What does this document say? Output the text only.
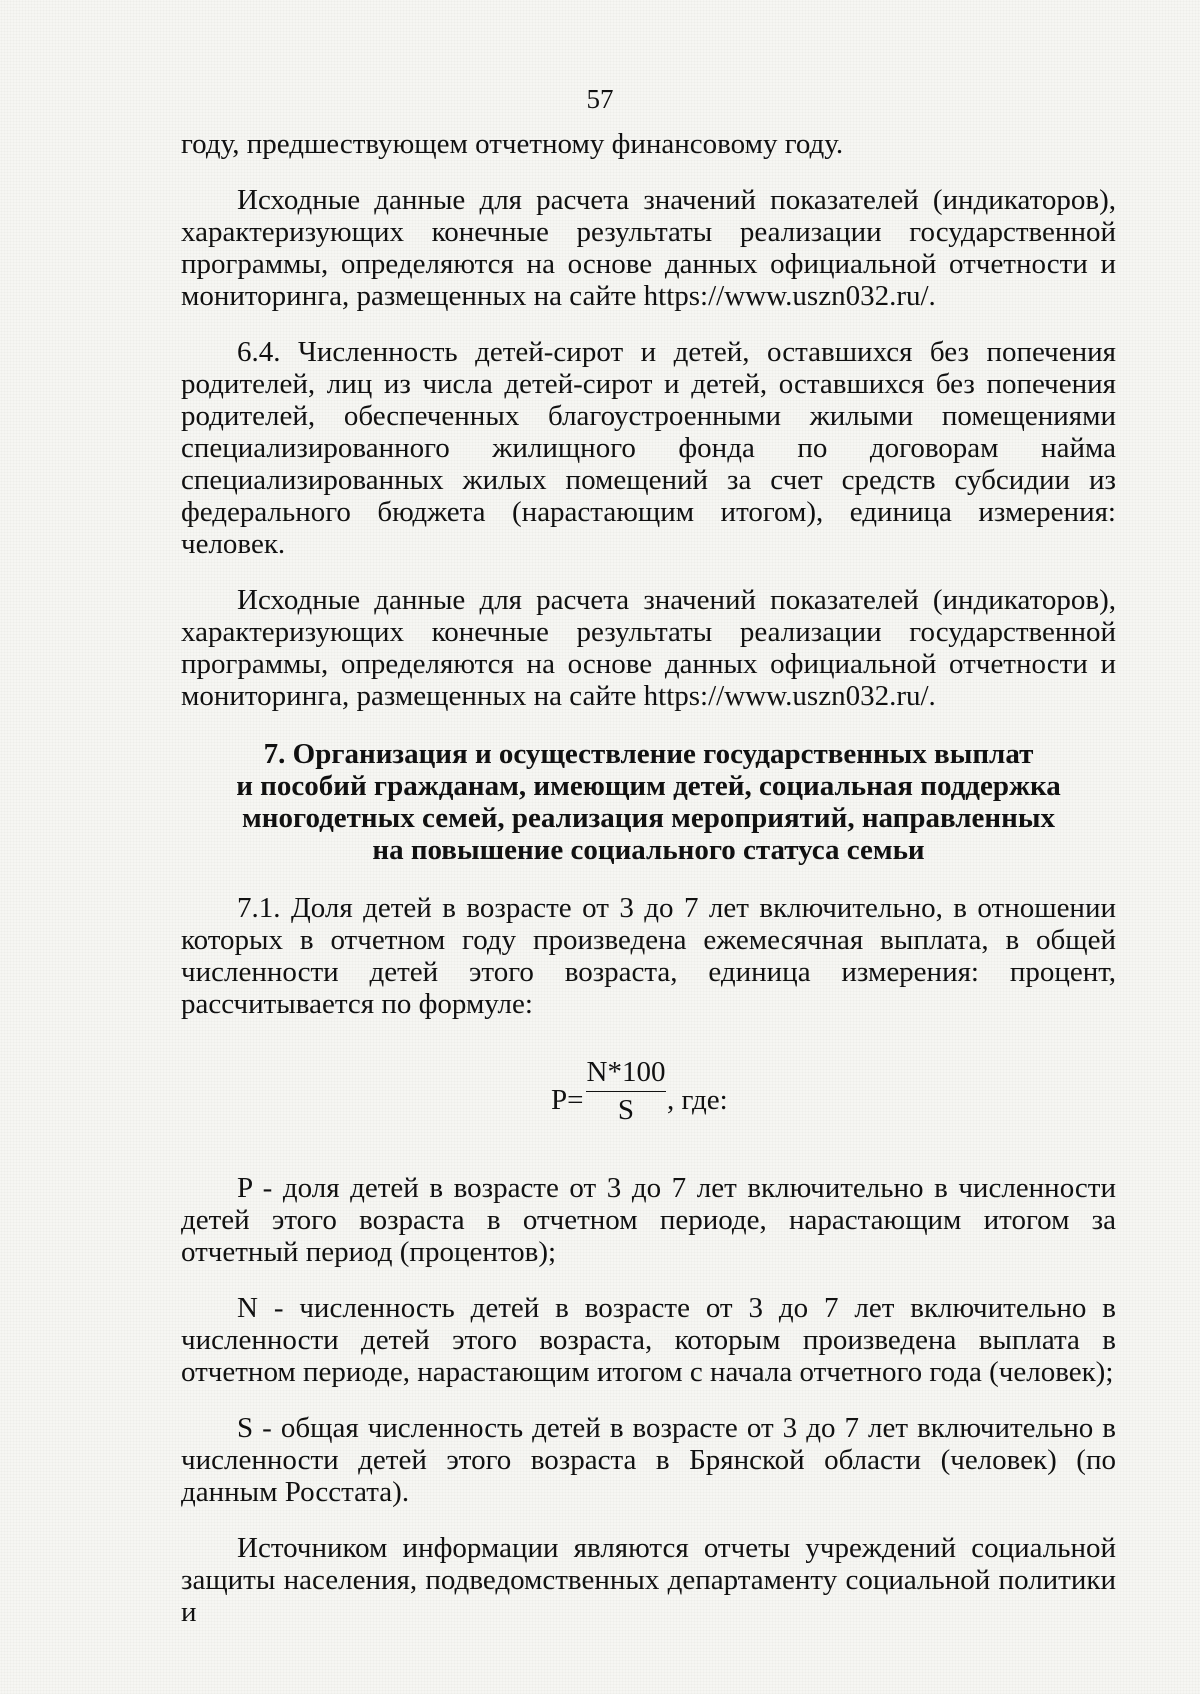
57

году, предшествующем отчетному финансовому году.

Исходные данные для расчета значений показателей (индикаторов), характеризующих конечные результаты реализации государственной программы, определяются на основе данных официальной отчетности и мониторинга, размещенных на сайте https://www.uszn032.ru/.

6.4. Численность детей-сирот и детей, оставшихся без попечения родителей, лиц из числа детей-сирот и детей, оставшихся без попечения родителей, обеспеченных благоустроенными жилыми помещениями специализированного жилищного фонда по договорам найма специализированных жилых помещений за счет средств субсидии из федерального бюджета (нарастающим итогом), единица измерения: человек.

Исходные данные для расчета значений показателей (индикаторов), характеризующих конечные результаты реализации государственной программы, определяются на основе данных официальной отчетности и мониторинга, размещенных на сайте https://www.uszn032.ru/.

7. Организация и осуществление государственных выплат
и пособий гражданам, имеющим детей, социальная поддержка
многодетных семей, реализация мероприятий, направленных
на повышение социального статуса семьи

7.1. Доля детей в возрасте от 3 до 7 лет включительно, в отношении которых в отчетном году произведена ежемесячная выплата, в общей численности детей этого возраста, единица измерения: процент, рассчитывается по формуле:

$P= \frac{N*100}{S}$ , где:

P - доля детей в возрасте от 3 до 7 лет включительно в численности детей этого возраста в отчетном периоде, нарастающим итогом за отчетный период (процентов);

N - численность детей в возрасте от 3 до 7 лет включительно в численности детей этого возраста, которым произведена выплата в отчетном периоде, нарастающим итогом с начала отчетного года (человек);

S - общая численность детей в возрасте от 3 до 7 лет включительно в численности детей этого возраста в Брянской области (человек) (по данным Росстата).

Источником информации являются отчеты учреждений социальной защиты населения, подведомственных департаменту социальной политики и
